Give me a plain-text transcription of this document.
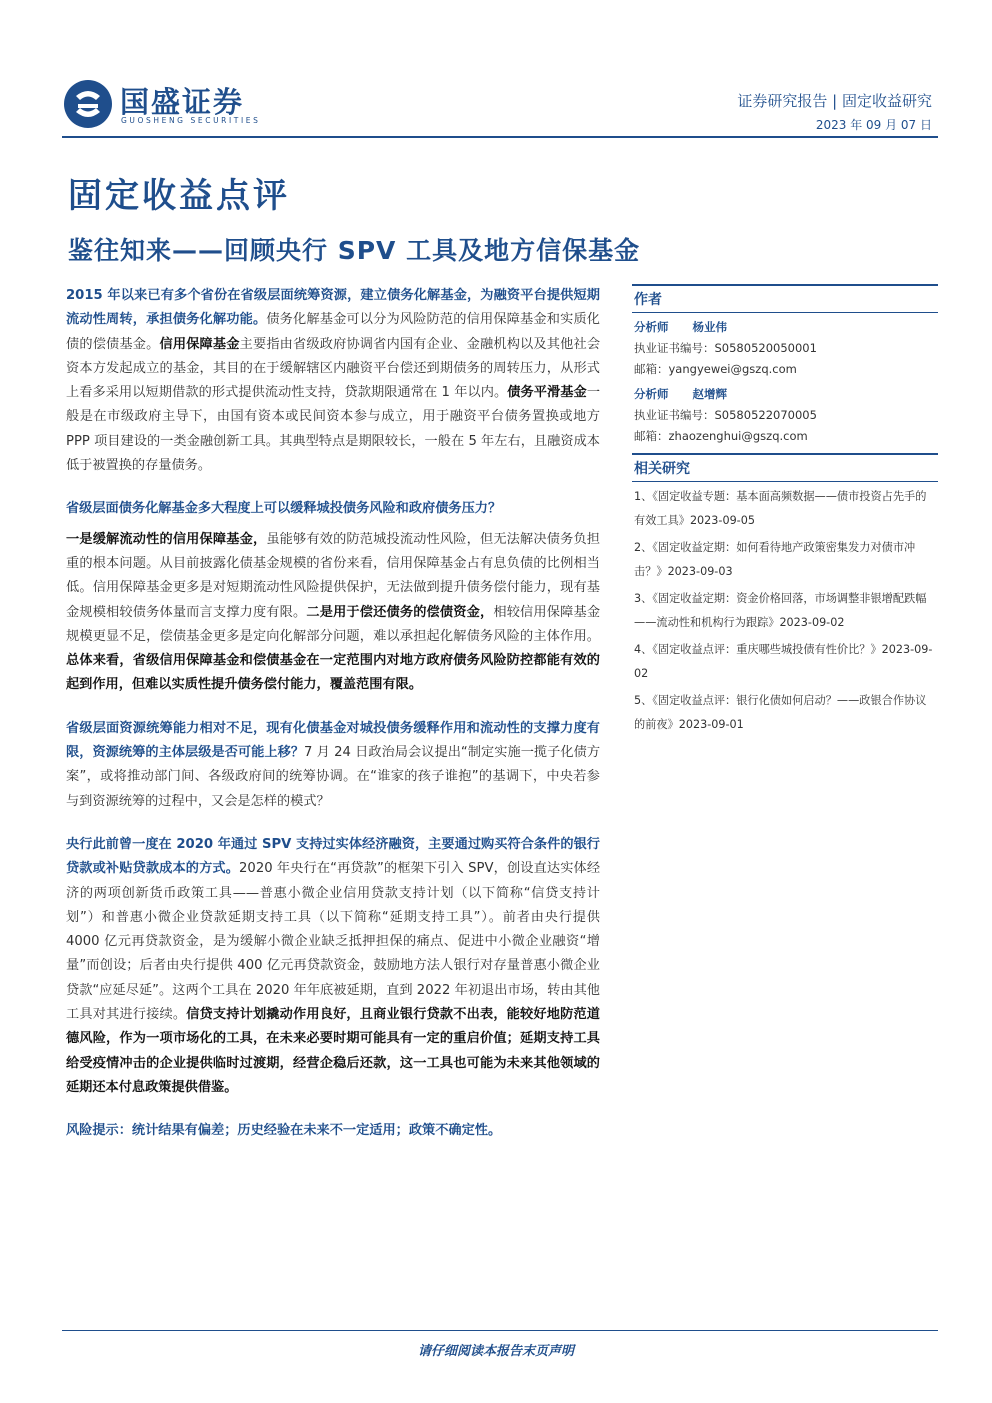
国盛证券
GUOSHENG SECURITIES
证券研究报告 | 固定收益研究
2023 年 09 月 07 日
固定收益点评
鉴往知来——回顾央行 SPV 工具及地方信保基金

2015 年以来已有多个省份在省级层面统筹资源，建立债务化解基金，为融资平台提供短期流动性周转，承担债务化解功能。债务化解基金可以分为风险防范的信用保障基金和实质化债的偿债基金。信用保障基金主要指由省级政府协调省内国有企业、金融机构以及其他社会资本方发起成立的基金，其目的在于缓解辖区内融资平台偿还到期债务的周转压力，从形式上看多采用以短期借款的形式提供流动性支持，贷款期限通常在 1 年以内。债务平滑基金一般是在市级政府主导下，由国有资本或民间资本参与成立，用于融资平台债务置换或地方 PPP 项目建设的一类金融创新工具。其典型特点是期限较长，一般在 5 年左右，且融资成本低于被置换的存量债务。

省级层面债务化解基金多大程度上可以缓释城投债务风险和政府债务压力？

一是缓解流动性的信用保障基金，虽能够有效的防范城投流动性风险，但无法解决债务负担重的根本问题。从目前披露化债基金规模的省份来看，信用保障基金占有息负债的比例相当低。信用保障基金更多是对短期流动性风险提供保护，无法做到提升债务偿付能力，现有基金规模相较债务体量而言支撑力度有限。二是用于偿还债务的偿债资金，相较信用保障基金规模更显不足，偿债基金更多是定向化解部分问题，难以承担起化解债务风险的主体作用。总体来看，省级信用保障基金和偿债基金在一定范围内对地方政府债务风险防控都能有效的起到作用，但难以实质性提升债务偿付能力，覆盖范围有限。

省级层面资源统筹能力相对不足，现有化债基金对城投债务缓释作用和流动性的支撑力度有限，资源统筹的主体层级是否可能上移？7 月 24 日政治局会议提出“制定实施一揽子化债方案”，或将推动部门间、各级政府间的统筹协调。在“谁家的孩子谁抱”的基调下，中央若参与到资源统筹的过程中，又会是怎样的模式？

央行此前曾一度在 2020 年通过 SPV 支持过实体经济融资，主要通过购买符合条件的银行贷款或补贴贷款成本的方式。2020 年央行在“再贷款”的框架下引入 SPV，创设直达实体经济的两项创新货币政策工具——普惠小微企业信用贷款支持计划（以下简称“信贷支持计划”）和普惠小微企业贷款延期支持工具（以下简称“延期支持工具”）。前者由央行提供 4000 亿元再贷款资金，是为缓解小微企业缺乏抵押担保的痛点、促进中小微企业融资“增量”而创设；后者由央行提供 400 亿元再贷款资金，鼓励地方法人银行对存量普惠小微企业贷款“应延尽延”。这两个工具在 2020 年年底被延期，直到 2022 年初退出市场，转由其他工具对其进行接续。信贷支持计划撬动作用良好，且商业银行贷款不出表，能较好地防范道德风险，作为一项市场化的工具，在未来必要时期可能具有一定的重启价值；延期支持工具给受疫情冲击的企业提供临时过渡期，经营企稳后还款，这一工具也可能为未来其他领域的延期还本付息政策提供借鉴。

风险提示：统计结果有偏差；历史经验在未来不一定适用；政策不确定性。
作者
分析师 杨业伟
执业证书编号：S0580520050001
邮箱：yangyewei@gszq.com
分析师 赵增辉
执业证书编号：S0580522070005
邮箱：zhaozenghui@gszq.com
相关研究
1、《固定收益专题：基本面高频数据——债市投资占先手的有效工具》2023-09-05
2、《固定收益定期：如何看待地产政策密集发力对债市冲击？》2023-09-03
3、《固定收益定期：资金价格回落，市场调整非银增配跌幅——流动性和机构行为跟踪》2023-09-02
4、《固定收益点评：重庆哪些城投债有性价比？》2023-09-02
5、《固定收益点评：银行化债如何启动？——政银合作协议的前夜》2023-09-01
请仔细阅读本报告末页声明
